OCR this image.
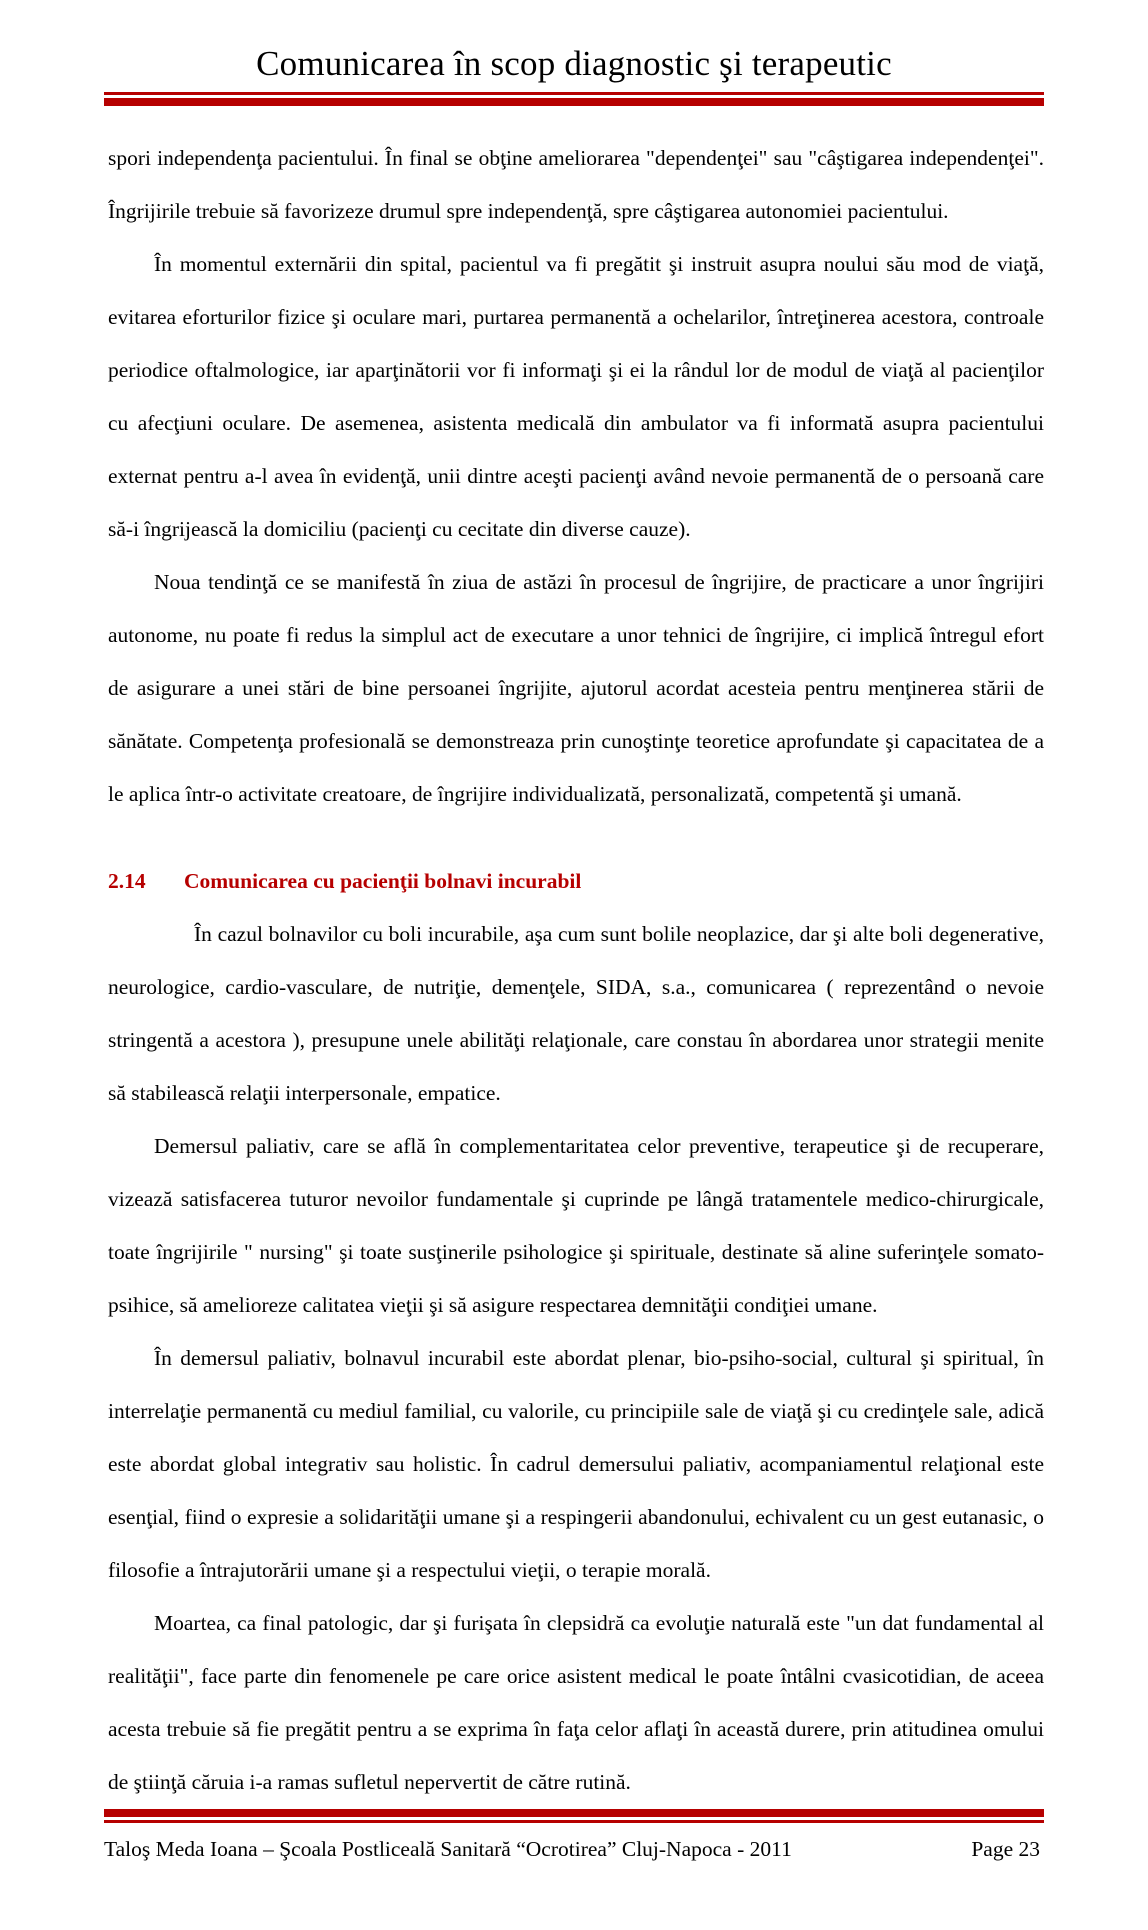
Comunicarea în scop diagnostic şi terapeutic

spori independenţa pacientului. În final se obţine ameliorarea "dependenţei" sau "câştigarea independenţei". Îngrijirile trebuie să favorizeze drumul spre independenţă, spre câştigarea autonomiei pacientului.

În momentul externării din spital, pacientul va fi pregătit şi instruit asupra noului său mod de viaţă, evitarea eforturilor fizice şi oculare mari, purtarea permanentă a ochelarilor, întreţinerea acestora, controale periodice oftalmologice, iar aparţinătorii vor fi informaţi şi ei la rândul lor de modul de viaţă al pacienţilor cu afecţiuni oculare. De asemenea, asistenta medicală din ambulator va fi informată asupra pacientului externat pentru a-l avea în evidenţă, unii dintre aceşti pacienţi având nevoie permanentă de o persoană care să-i îngrijească la domiciliu (pacienţi cu cecitate din diverse cauze).

Noua tendinţă ce se manifestă în ziua de astăzi în procesul de îngrijire, de practicare a unor îngrijiri autonome, nu poate fi redus la simplul act de executare a unor tehnici de îngrijire, ci implică întregul efort de asigurare a unei stări de bine persoanei îngrijite, ajutorul acordat acesteia pentru menţinerea stării de sănătate. Competenţa profesională se demonstreaza prin cunoştinţe teoretice aprofundate şi capacitatea de a le aplica într-o activitate creatoare, de îngrijire individualizată, personalizată, competentă şi umană.

2.14	Comunicarea cu pacienţii bolnavi incurabil

În cazul bolnavilor cu boli incurabile, aşa cum sunt bolile neoplazice, dar şi alte boli degenerative, neurologice, cardio-vasculare, de nutriţie, demenţele, SIDA, s.a., comunicarea ( reprezentând o nevoie stringentă a acestora ), presupune unele abilităţi relaţionale, care constau în abordarea unor strategii menite să stabilească relaţii interpersonale, empatice.

Demersul paliativ, care se află în complementaritatea celor preventive, terapeutice şi de recuperare, vizează satisfacerea tuturor nevoilor fundamentale şi cuprinde pe lângă tratamentele medico-chirurgicale, toate îngrijirile " nursing" şi toate susţinerile psihologice şi spirituale, destinate să aline suferinţele somato-psihice, să amelioreze calitatea vieţii şi să asigure respectarea demnităţii condiţiei umane.

În demersul paliativ, bolnavul incurabil este abordat plenar, bio-psiho-social, cultural şi spiritual, în interrelaţie permanentă cu mediul familial, cu valorile, cu principiile sale de viaţă şi cu credinţele sale, adică este abordat global integrativ sau holistic. În cadrul demersului paliativ, acompaniamentul relaţional este esenţial, fiind o expresie a solidarităţii umane şi a respingerii abandonului, echivalent cu un gest eutanasic, o filosofie a întrajutorării umane şi a respectului vieţii, o terapie morală.

Moartea, ca final patologic, dar şi furişata în clepsidră ca evoluţie naturală este "un dat fundamental al realităţii", face parte din fenomenele pe care orice asistent medical le poate întâlni cvasicotidian, de aceea acesta trebuie să fie pregătit pentru a se exprima în faţa celor aflaţi în această durere, prin atitudinea omului de ştiinţă căruia i-a ramas sufletul nepervertit de către rutină.

Taloş Meda Ioana – Şcoala Postliceală Sanitară “Ocrotirea” Cluj-Napoca - 2011	Page 23
